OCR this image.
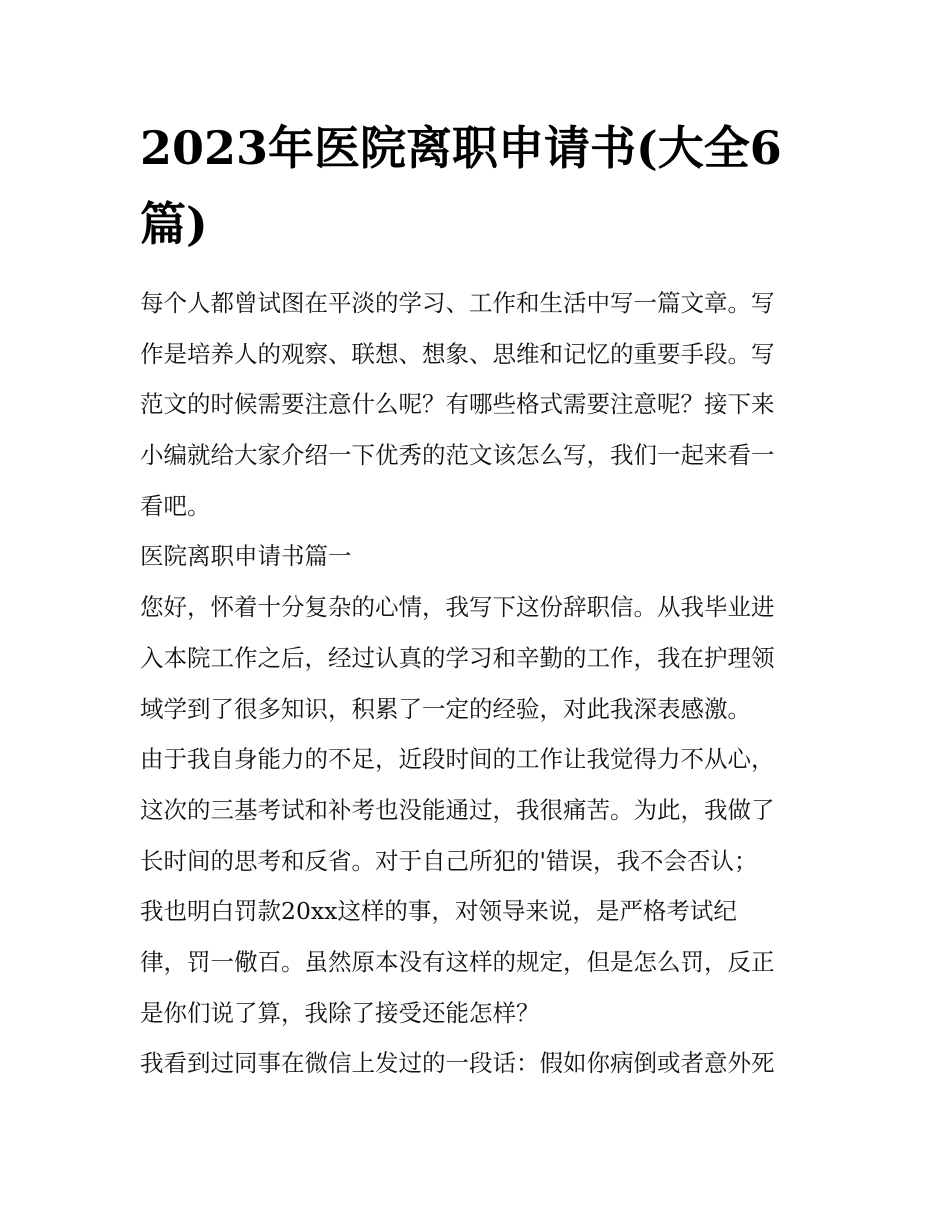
2023年医院离职申请书(大全6篇)
每个人都曾试图在平淡的学习、工作和生活中写一篇文章。写
作是培养人的观察、联想、想象、思维和记忆的重要手段。写
范文的时候需要注意什么呢？有哪些格式需要注意呢？接下来
小编就给大家介绍一下优秀的范文该怎么写，我们一起来看一
看吧。
医院离职申请书篇一
您好，怀着十分复杂的心情，我写下这份辞职信。从我毕业进
入本院工作之后，经过认真的学习和辛勤的工作，我在护理领
域学到了很多知识，积累了一定的经验，对此我深表感激。
由于我自身能力的不足，近段时间的工作让我觉得力不从心，
这次的三基考试和补考也没能通过，我很痛苦。为此，我做了
长时间的思考和反省。对于自己所犯的'错误，我不会否认；
我也明白罚款20xx这样的事，对领导来说，是严格考试纪
律，罚一儆百。虽然原本没有这样的规定，但是怎么罚，反正
是你们说了算，我除了接受还能怎样？
我看到过同事在微信上发过的一段话：假如你病倒或者意外死
